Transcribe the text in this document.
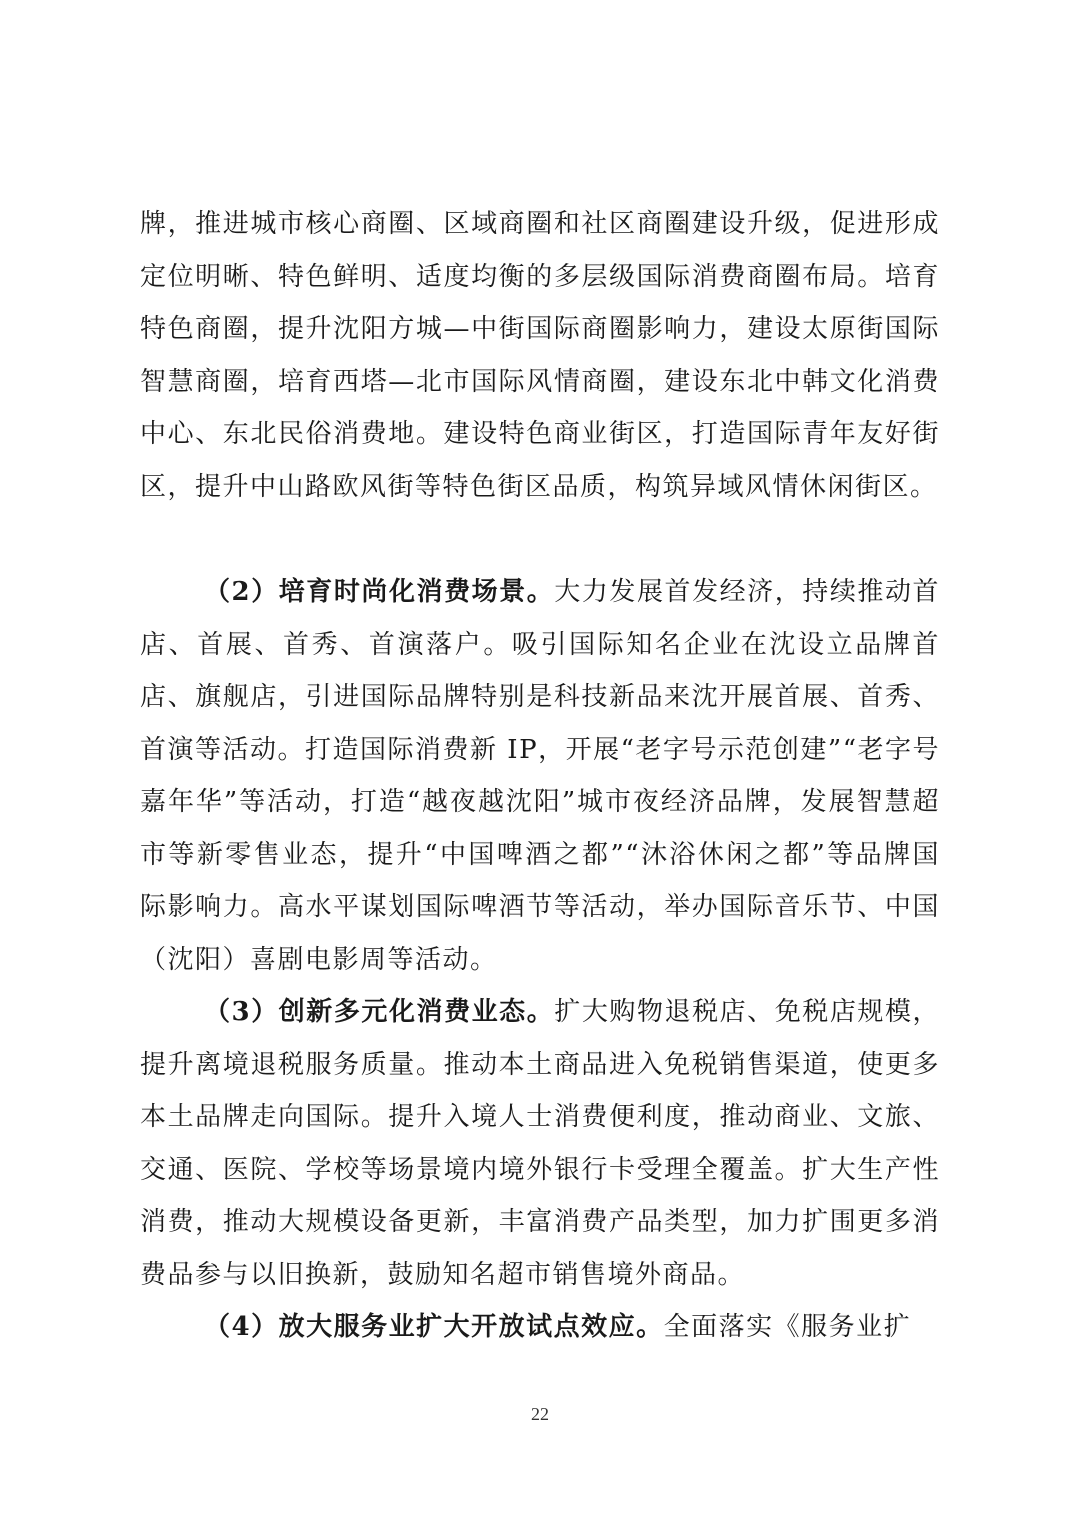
牌，推进城市核心商圈、区域商圈和社区商圈建设升级，促进形成定位明晰、特色鲜明、适度均衡的多层级国际消费商圈布局。培育特色商圈，提升沈阳方城—中街国际商圈影响力，建设太原街国际智慧商圈，培育西塔—北市国际风情商圈，建设东北中韩文化消费中心、东北民俗消费地。建设特色商业街区，打造国际青年友好街区，提升中山路欧风街等特色街区品质，构筑异域风情休闲街区。

（2）培育时尚化消费场景。大力发展首发经济，持续推动首店、首展、首秀、首演落户。吸引国际知名企业在沈设立品牌首店、旗舰店，引进国际品牌特别是科技新品来沈开展首展、首秀、首演等活动。打造国际消费新 IP，开展“老字号示范创建”“老字号嘉年华”等活动，打造“越夜越沈阳”城市夜经济品牌，发展智慧超市等新零售业态，提升“中国啤酒之都”“沐浴休闲之都”等品牌国际影响力。高水平谋划国际啤酒节等活动，举办国际音乐节、中国（沈阳）喜剧电影周等活动。

（3）创新多元化消费业态。扩大购物退税店、免税店规模，提升离境退税服务质量。推动本土商品进入免税销售渠道，使更多本土品牌走向国际。提升入境人士消费便利度，推动商业、文旅、交通、医院、学校等场景境内境外银行卡受理全覆盖。扩大生产性消费，推动大规模设备更新，丰富消费产品类型，加力扩围更多消费品参与以旧换新，鼓励知名超市销售境外商品。

（4）放大服务业扩大开放试点效应。全面落实《服务业扩

22
